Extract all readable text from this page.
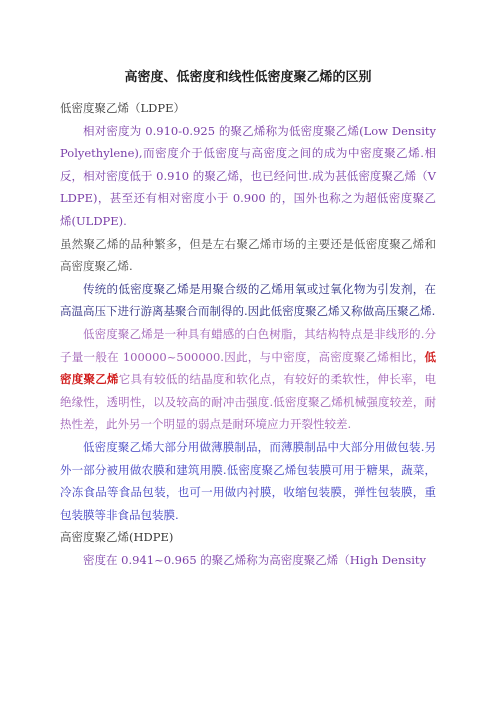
高密度、低密度和线性低密度聚乙烯的区别

低密度聚乙烯（LDPE）

相对密度为 0.910-0.925 的聚乙烯称为低密度聚乙烯(Low Density Polyethylene),而密度介于低密度与高密度之间的成为中密度聚乙烯.相反，相对密度低于 0.910 的聚乙烯，也已经问世.成为甚低密度聚乙烯（VLDPE)，甚至还有相对密度小于 0.900 的，国外也称之为超低密度聚乙烯(ULDPE).

虽然聚乙烯的品种繁多，但是左右聚乙烯市场的主要还是低密度聚乙烯和高密度聚乙烯.

传统的低密度聚乙烯是用聚合级的乙烯用氧或过氧化物为引发剂，在高温高压下进行游离基聚合而制得的.因此低密度聚乙烯又称做高压聚乙烯.

低密度聚乙烯是一种具有蜡感的白色树脂，其结构特点是非线形的.分子量一般在 100000~500000.因此，与中密度，高密度聚乙烯相比，低密度聚乙烯它具有较低的结晶度和软化点，有较好的柔软性，伸长率，电绝缘性，透明性，以及较高的耐冲击强度.低密度聚乙烯机械强度较差，耐热性差，此外另一个明显的弱点是耐环境应力开裂性较差.

低密度聚乙烯大部分用做薄膜制品，而薄膜制品中大部分用做包装.另外一部分被用做农膜和建筑用膜.低密度聚乙烯包装膜可用于糖果，蔬菜，冷冻食品等食品包装，也可一用做内衬膜，收缩包装膜，弹性包装膜，重包装膜等非食品包装膜.

高密度聚乙烯(HDPE)

密度在 0.941~0.965 的聚乙烯称为高密度聚乙烯（High Density
